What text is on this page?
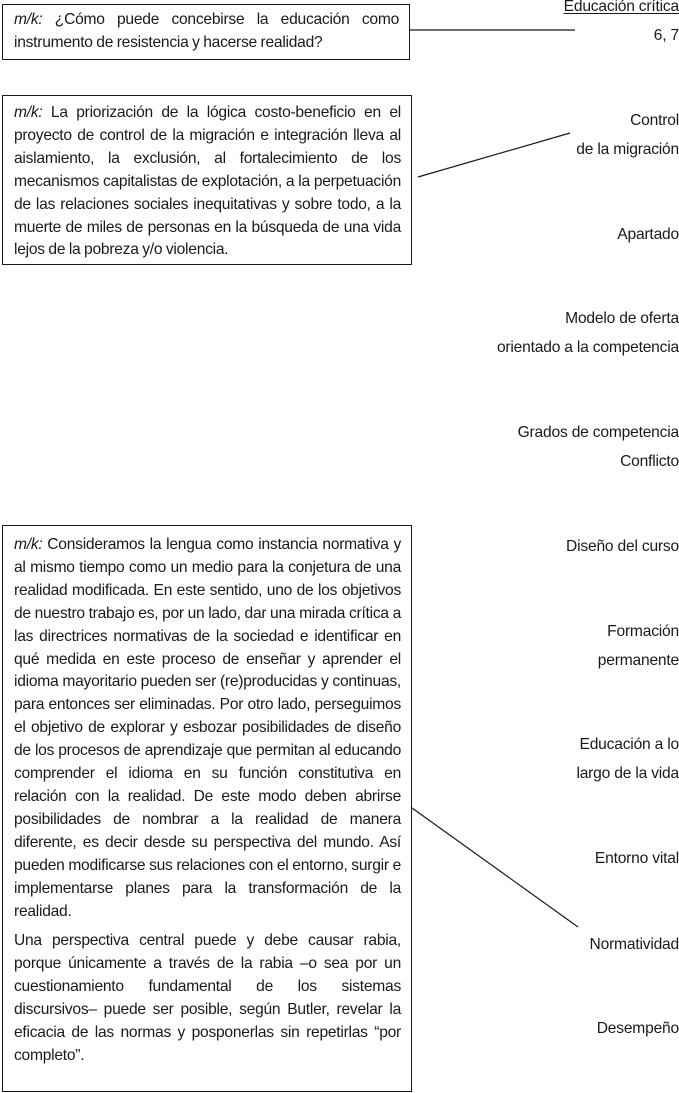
m/k: ¿Cómo puede concebirse la educación como instrumento de resistencia y hacerse realidad?

m/k: La priorización de la lógica costo-beneficio en el proyecto de control de la migración e integración lleva al aislamiento, la exclusión, al fortalecimiento de los mecanismos capitalistas de explotación, a la perpetuación de las relaciones sociales inequitativas y sobre todo, a la muerte de miles de personas en la búsqueda de una vida lejos de la pobreza y/o violencia.

m/k: Consideramos la lengua como instancia normativa y al mismo tiempo como un medio para la conjetura de una realidad modificada. En este sentido, uno de los objetivos de nuestro trabajo es, por un lado, dar una mirada crítica a las directrices normativas de la sociedad e identificar en qué medida en este proceso de enseñar y aprender el idioma mayoritario pueden ser (re)producidas y continuas, para entonces ser eliminadas. Por otro lado, perseguimos el objetivo de explorar y esbozar posibilidades de diseño de los procesos de aprendizaje que permitan al educando comprender el idioma en su función constitutiva en relación con la realidad. De este modo deben abrirse posibilidades de nombrar a la realidad de manera diferente, es decir desde su perspectiva del mundo. Así pueden modificarse sus relaciones con el entorno, surgir e implementarse planes para la transformación de la realidad.

Una perspectiva central puede y debe causar rabia, porque únicamente a través de la rabia –o sea por un cuestionamiento fundamental de los sistemas discursivos– puede ser posible, según Butler, revelar la eficacia de las normas y posponerlas sin repetirlas “por completo”.

Educación crítica
6, 7
Control
de la migración
Apartado
Modelo de oferta
orientado a la competencia
Grados de competencia
Conflicto
Diseño del curso
Formación
permanente
Educación a lo
largo de la vida
Entorno vital
Normatividad
Desempeño
